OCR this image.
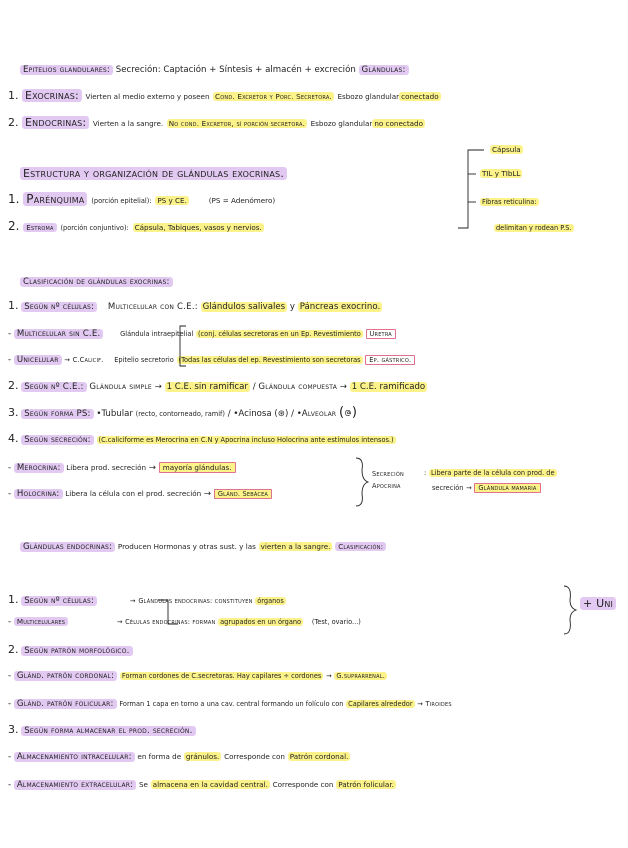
Epitelios glandulares: Secreción: Captación + Síntesis + almacén + excreción Glándulas:
1. Exocrinas: Vierten al medio externo y poseen Cond. Excretor y Porc. Secretora. Esbozo glandular conectado
2. Endocrinas: Vierten a la sangre. No cond. Excretor, sí porción secretora. Esbozo glandular no conectado
Estructura y organización de glándulas exocrinas.
Cápsula
TIL y TIbLL
Fibras reticulina:
delimitan y rodean P.S.
1. Parénquima (porción epitelial): PS y CE.	(PS = Adenómero)
2. Estroma (porción conjuntivo): Cápsula, Tabiques, vasos y nervios.
Clasificación de glándulas exocrinas:
1. Según nº células: Multicelular con C.E.: Glándulos salivales y Páncreas exocrino.
- Multicelular sin C.E.	Glándula intraepitelial (conj. células secretoras en un Ep. Revestimiento Uretra
- Unicelular → C.Calicif. Epitelio secretorio (Todas las células del ep. Revestimiento son secretoras Ep. gástrico.
2. Según nº C.E.: Glándula simple → 1 C.E. sin ramificar / Glándula compuesta → 1 C.E. ramificado
3. Según forma PS: •Tubular (recto, contorneado, ramif) / •Acinosa (⊛) / •Alveolar (ဇ)
4. Según secreción: (C.caliciforme es Merocrina en C.N y Apocrina incluso Holocrina ante estímulos intensos.)
- Merocrina: Libera prod. secreción → mayoría glándulas.
- Holocrina: Libera la célula con el prod. secreción → Glánd. Sebácea
Secreción
Apocrina
: Libera parte de la célula con prod. de
secreción → Glándula mamaria
Glándulas endocrinas: Producen Hormonas y otras sust. y las vierten a la sangre. Clasificación:
1. Según nº células:	→ Glándulas endocrinas: constituyen órganos
- Multicelulares	→ Células endocrinas: forman agrupados en un órgano (Test, ovario...)
+ Uni
2. Según patrón morfológico.
- Glánd. patrón cordonal: Forman cordones de C.secretoras. Hay capilares ÷ cordones → G.suprarrenal.
- Glánd. patrón folicular: Forman 1 capa en torno a una cav. central formando un folículo con Capilares alrededor → Tiroides
3. Según forma almacenar el prod. secreción.
- Almacenamiento intracelular: en forma de gránulos. Corresponde con Patrón cordonal.
- Almacenamiento extracelular: Se almacena en la cavidad central. Corresponde con Patrón folicular.
